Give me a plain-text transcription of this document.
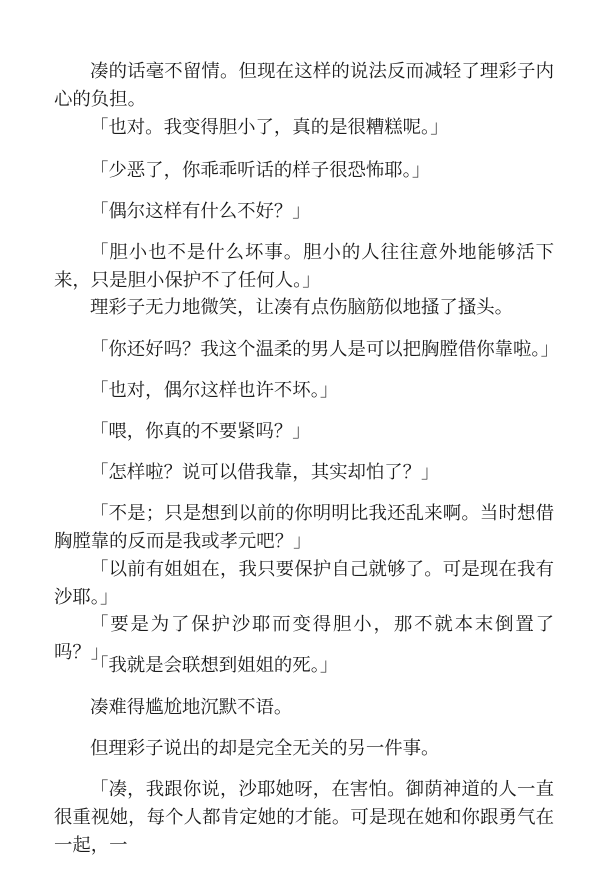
凑的话毫不留情。但现在这样的说法反而减轻了理彩子内心的负担。

「也对。我变得胆小了，真的是很糟糕呢。」

「少恶了，你乖乖听话的样子很恐怖耶。」

「偶尔这样有什么不好？」

「胆小也不是什么坏事。胆小的人往往意外地能够活下来，只是胆小保护不了任何人。」

理彩子无力地微笑，让凑有点伤脑筋似地搔了搔头。

「你还好吗？我这个温柔的男人是可以把胸膛借你靠啦。」

「也对，偶尔这样也许不坏。」

「喂，你真的不要紧吗？」

「怎样啦？说可以借我靠，其实却怕了？」

「不是；只是想到以前的你明明比我还乱来啊。当时想借胸膛靠的反而是我或孝元吧？」

「以前有姐姐在，我只要保护自己就够了。可是现在我有沙耶。」

「要是为了保护沙耶而变得胆小，那不就本末倒置了吗？」

「我就是会联想到姐姐的死。」

凑难得尴尬地沉默不语。

但理彩子说出的却是完全无关的另一件事。

「凑，我跟你说，沙耶她呀，在害怕。御荫神道的人一直很重视她，每个人都肯定她的才能。可是现在她和你跟勇气在一起，一
